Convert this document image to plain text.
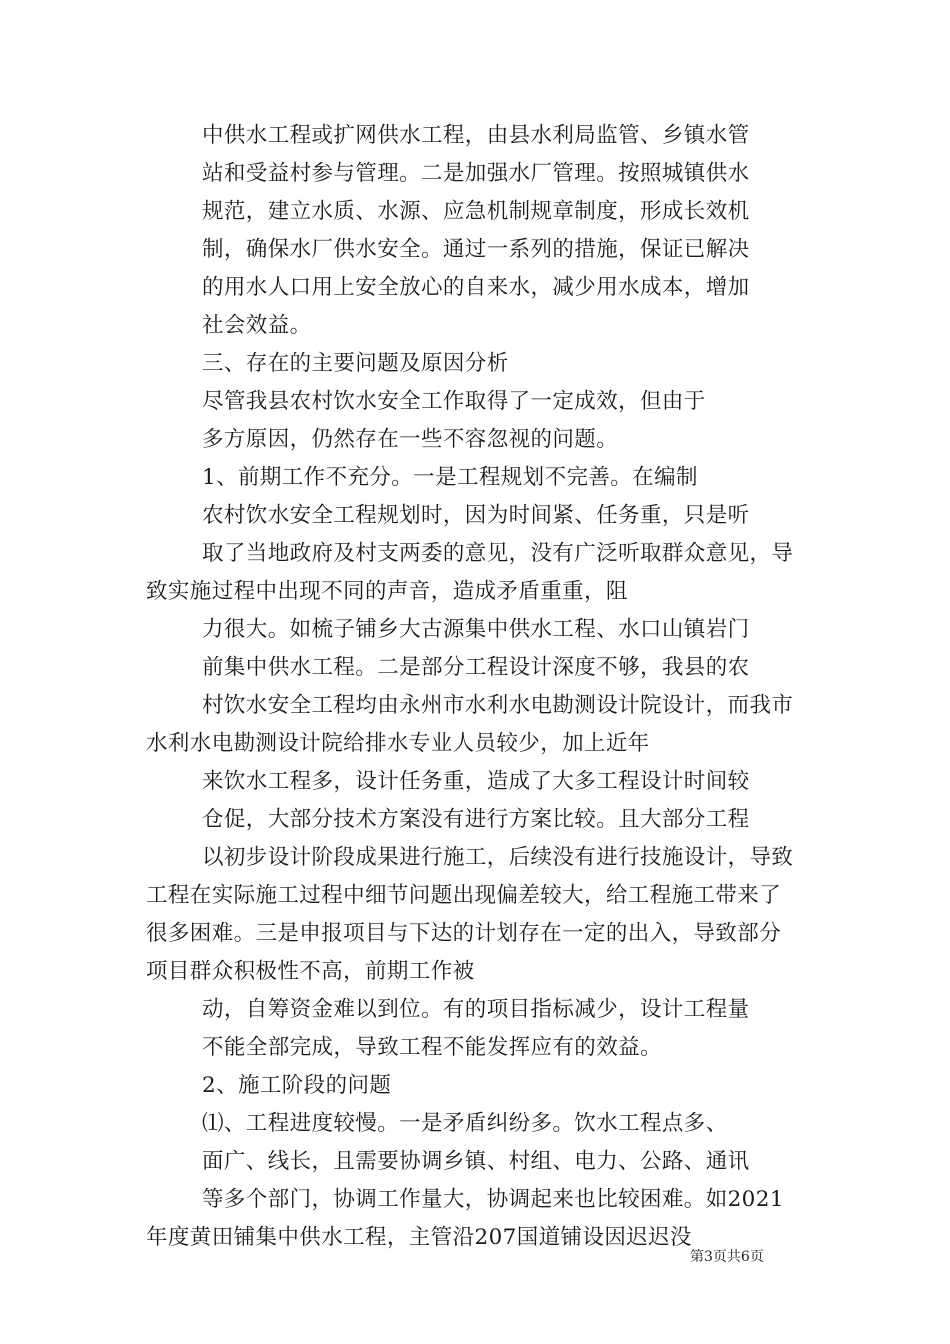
中供水工程或扩网供水工程，由县水利局监管、乡镇水管
站和受益村参与管理。二是加强水厂管理。按照城镇供水
规范，建立水质、水源、应急机制规章制度，形成长效机
制，确保水厂供水安全。通过一系列的措施，保证已解决
的用水人口用上安全放心的自来水，减少用水成本，增加
社会效益。
三、存在的主要问题及原因分析
尽管我县农村饮水安全工作取得了一定成效，但由于
多方原因，仍然存在一些不容忽视的问题。
1、前期工作不充分。一是工程规划不完善。在编制
农村饮水安全工程规划时，因为时间紧、任务重，只是听
取了当地政府及村支两委的意见，没有广泛听取群众意见，导
致实施过程中出现不同的声音，造成矛盾重重，阻
力很大。如梳子铺乡大古源集中供水工程、水口山镇岩门
前集中供水工程。二是部分工程设计深度不够，我县的农
村饮水安全工程均由永州市水利水电勘测设计院设计，而我市
水利水电勘测设计院给排水专业人员较少，加上近年
来饮水工程多，设计任务重，造成了大多工程设计时间较
仓促，大部分技术方案没有进行方案比较。且大部分工程
以初步设计阶段成果进行施工，后续没有进行技施设计，导致
工程在实际施工过程中细节问题出现偏差较大，给工程施工带来了
很多困难。三是申报项目与下达的计划存在一定的出入，导致部分
项目群众积极性不高，前期工作被
动，自筹资金难以到位。有的项目指标减少，设计工程量
不能全部完成，导致工程不能发挥应有的效益。
2、施工阶段的问题
⑴、工程进度较慢。一是矛盾纠纷多。饮水工程点多、
面广、线长，且需要协调乡镇、村组、电力、公路、通讯
等多个部门，协调工作量大，协调起来也比较困难。如2021
年度黄田铺集中供水工程，主管沿207国道铺设因迟迟没
第3页共6页
